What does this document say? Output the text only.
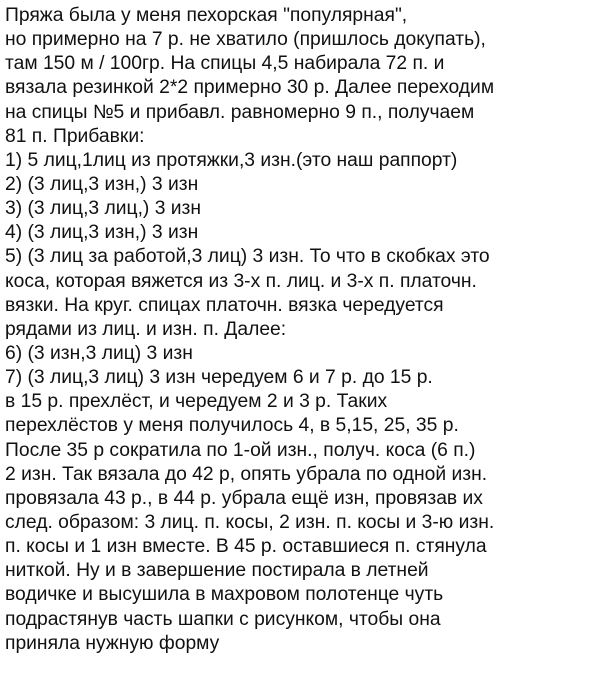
Пряжа была у меня пехорская "популярная",
но примерно на 7 р. не хватило (пришлось докупать),
там 150 м / 100гр. На спицы 4,5 набирала 72 п. и
вязала резинкой 2*2 примерно 30 р. Далее переходим
на спицы №5 и прибавл. равномерно 9 п., получаем
81 п. Прибавки:
1) 5 лиц,1лиц из протяжки,3 изн.(это наш раппорт)
2) (3 лиц,3 изн,) 3 изн
3) (3 лиц,3 лиц,) 3 изн
4) (3 лиц,3 изн,) 3 изн
5) (3 лиц за работой,3 лиц) 3 изн. То что в скобках это
коса, которая вяжется из 3-х п. лиц. и 3-х п. платочн.
вязки. На круг. спицах платочн. вязка чередуется
рядами из лиц. и изн. п. Далее:
6) (3 изн,3 лиц) 3 изн
7) (3 лиц,3 лиц) 3 изн чередуем 6 и 7 р. до 15 р.
в 15 р. прехлёст, и чередуем 2 и 3 р. Таких
перехлёстов у меня получилось 4, в 5,15, 25, 35 р.
После 35 р сократила по 1-ой изн., получ. коса (6 п.)
2 изн. Так вязала до 42 р, опять убрала по одной изн.
провязала 43 р., в 44 р. убрала ещё изн, провязав их
след. образом: 3 лиц. п. косы, 2 изн. п. косы и 3-ю изн.
п. косы и 1 изн вместе. В 45 р. оставшиеся п. стянула
ниткой. Ну и в завершение постирала в летней
водичке и высушила в махровом полотенце чуть
подрастянув часть шапки с рисунком, чтобы она
приняла нужную форму
